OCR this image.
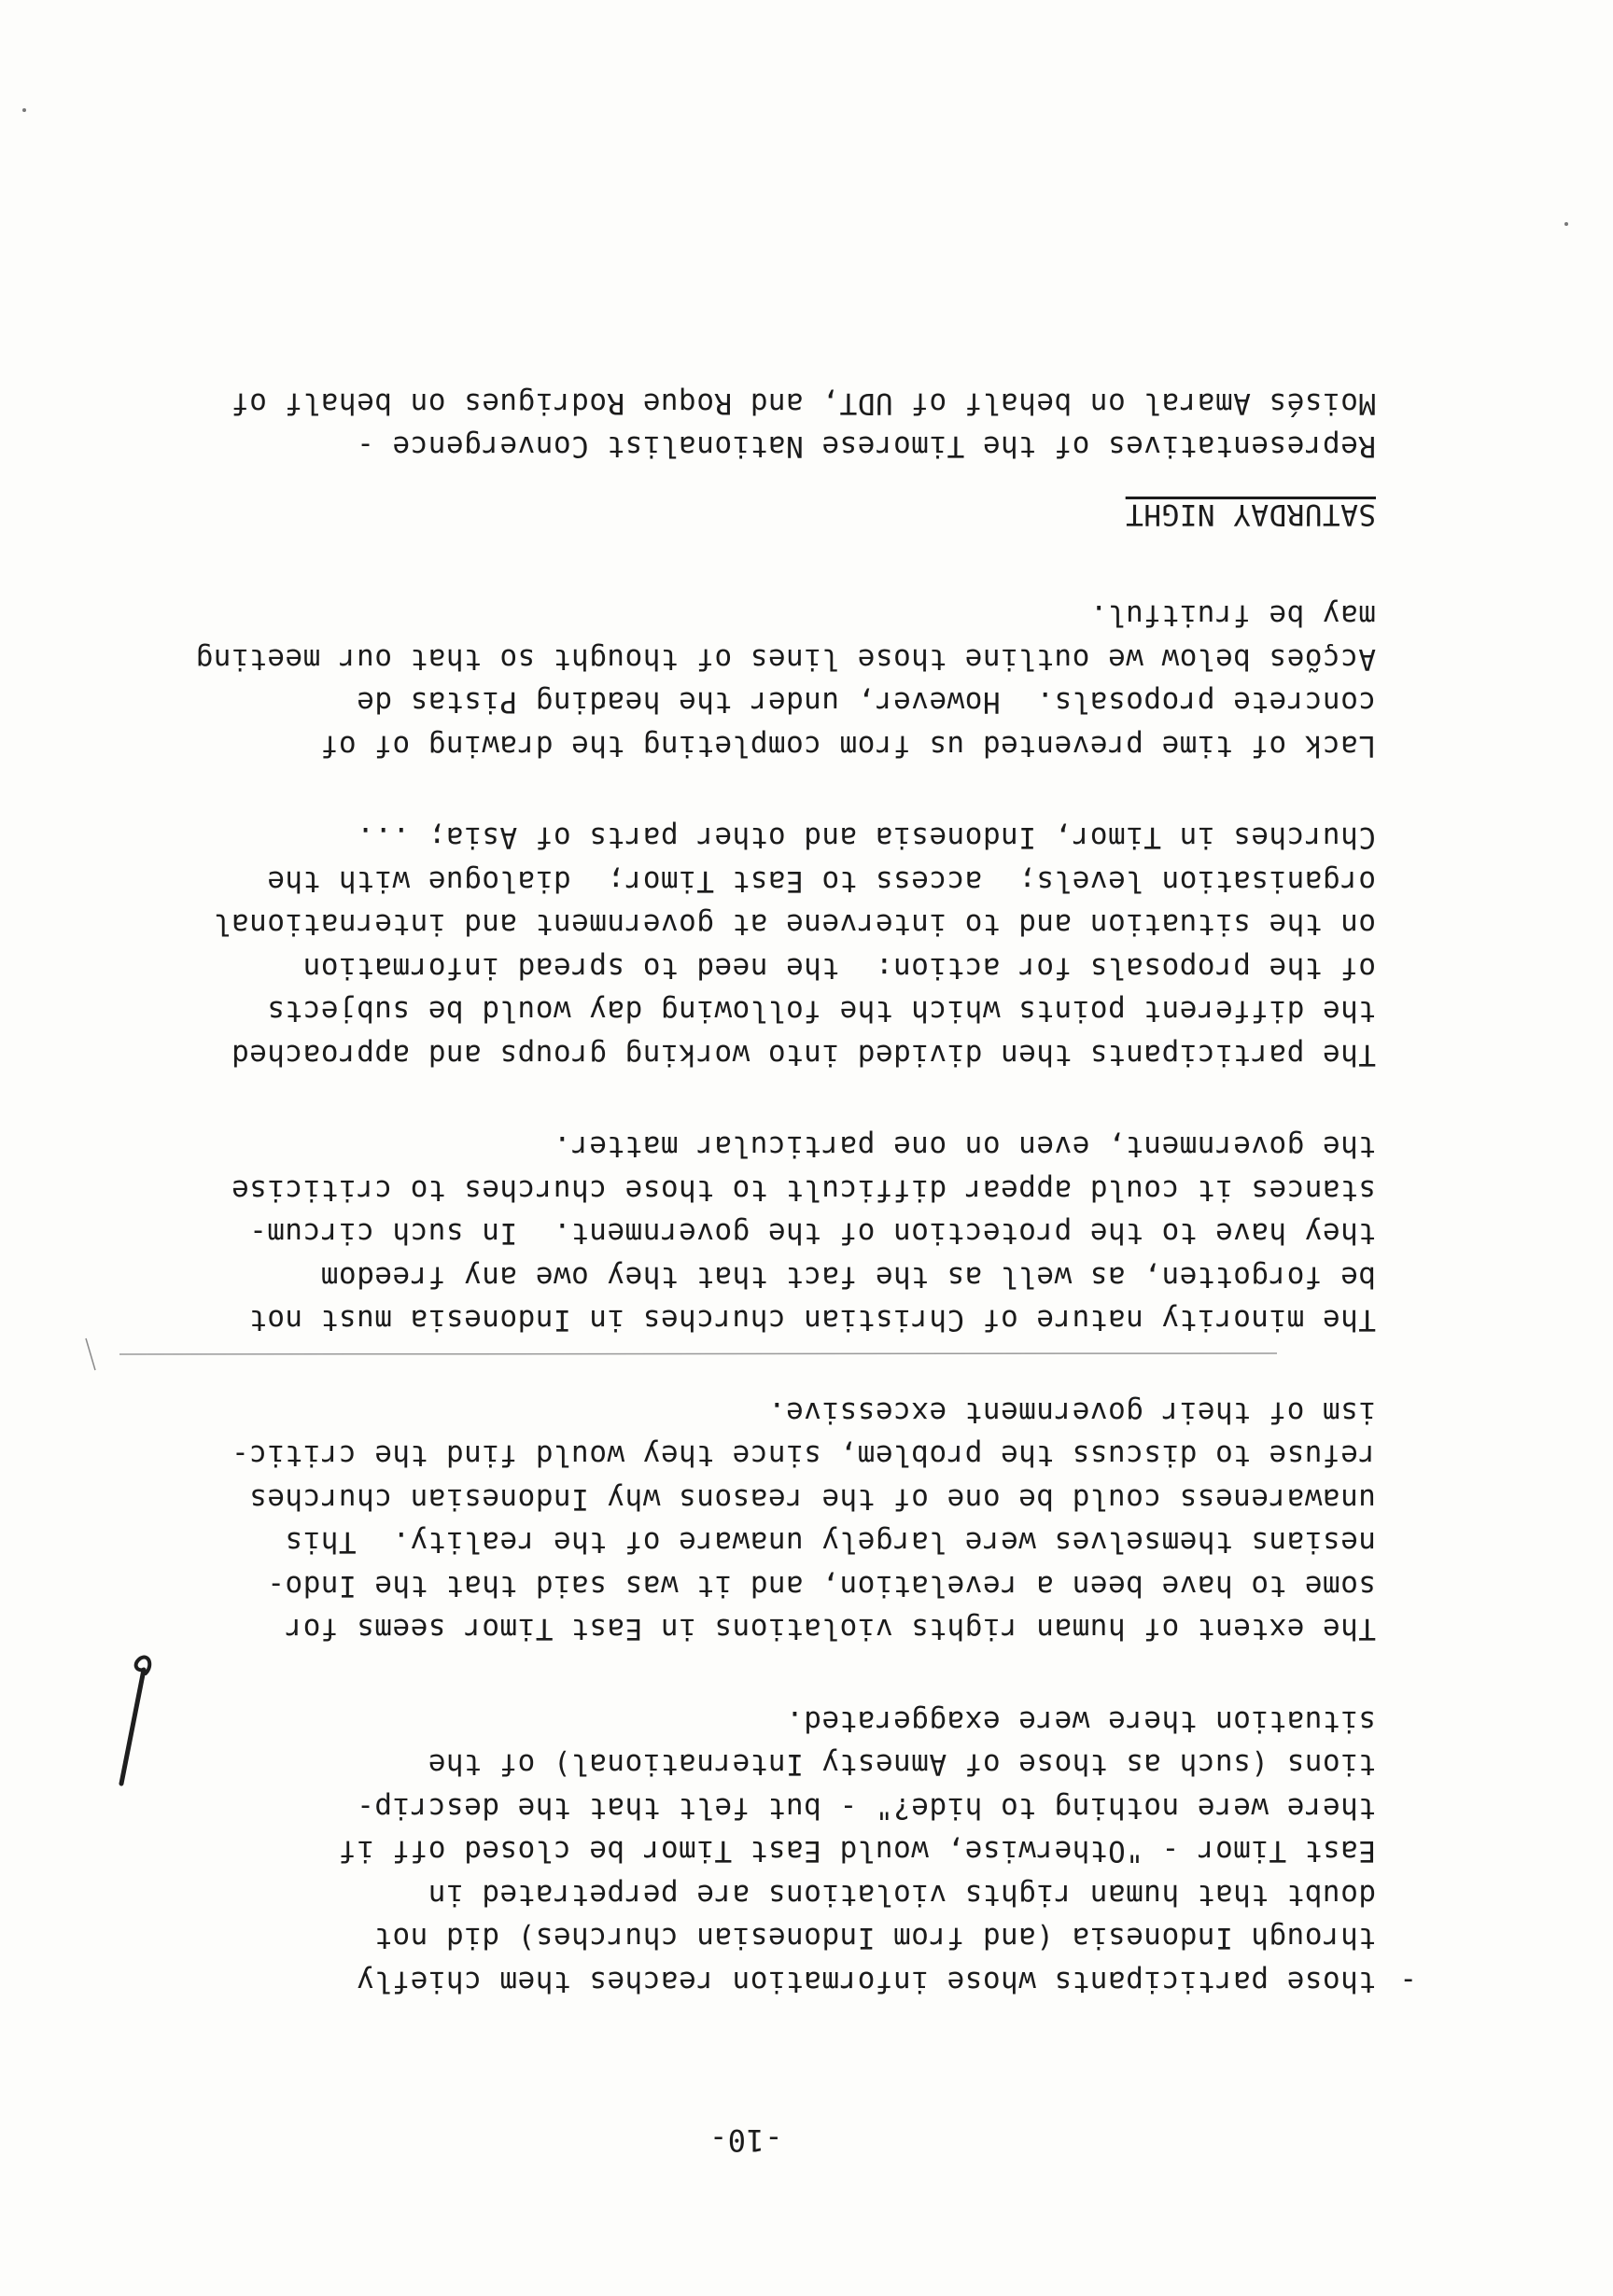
-10-
-
those participants whose information reaches them chiefly
through Indonesia (and from Indonesian churches) did not
doubt that human rights violations are perpetrated in
East Timor - "Otherwise, would East Timor be closed off if
there were nothing to hide?" - but felt that the descrip-
tions (such as those of Amnesty International) of the
situation there were exaggerated.
The extent of human rights violations in East Timor seems for
some to have been a revelation, and it was said that the Indo-
nesians themselves were largely unaware of the reality.  This
unawareness could be one of the reasons why Indonesian churches
refuse to discuss the problem, since they would find the critic-
ism of their government excessive.
The minority nature of Christian churches in Indonesia must not
be forgotten, as well as the fact that they owe any freedom
they have to the protection of the government.  In such circum-
stances it could appear difficult to those churches to criticise
the government, even on one particular matter.
The participants then divided into working groups and approached
the different points which the following day would be subjects
of the proposals for action:  the need to spread information
on the situation and to intervene at government and international
organisation levels;  access to East Timor;  dialogue with the
Churches in Timor, Indonesia and other parts of Asia; ...
Lack of time prevented us from completing the drawing of of
concrete proposals.  However, under the heading Pistas de
Acções below we outline those lines of thought so that our meeting
may be fruitful.
SATURDAY NIGHT
Representatives of the Timorese Nationalist Convergence -
Moisés Amaral on behalf of UDT, and Roque Rodrigues on behalf of
